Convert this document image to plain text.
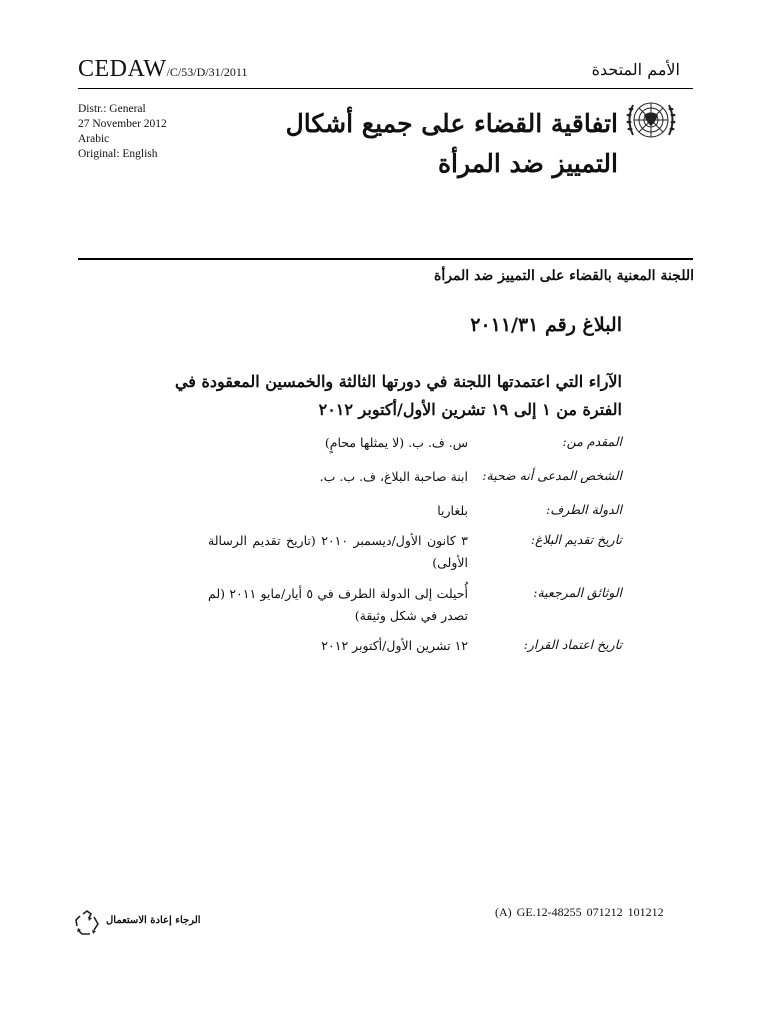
CEDAW/C/53/D/31/2011	الأمم المتحدة
Distr.: General
27 November 2012
Arabic
Original: English
اتفاقية القضاء على جميع أشكال
التمييز ضد المرأة
اللجنة المعنية بالقضاء على التمييز ضد المرأة
البلاغ رقم ٢٠١١/٣١
الآراء التي اعتمدتها اللجنة في دورتها الثالثة والخمسين المعقودة في الفترة من ١ إلى ١٩ تشرين الأول/أكتوبر ٢٠١٢
المقدم من:
س. ف. ب. (لا يمثلها محامٍ)
الشخص المدعى أنه ضحية:
ابنة صاحبة البلاغ، ف. ب. ب.
الدولة الطرف:
بلغاريا
تاريخ تقديم البلاغ:
٣ كانون الأول/ديسمبر ٢٠١٠ (تاريخ تقديم الرسالة الأولى)
الوثائق المرجعية:
أُحيلت إلى الدولة الطرف في ٥ أيار/مايو ٢٠١١ (لم تصدر في شكل وثيقة)
تاريخ اعتماد القرار:
١٢ تشرين الأول/أكتوبر ٢٠١٢
(A) GE.12-48255 071212 101212
الرجاء إعادة الاستعمال
